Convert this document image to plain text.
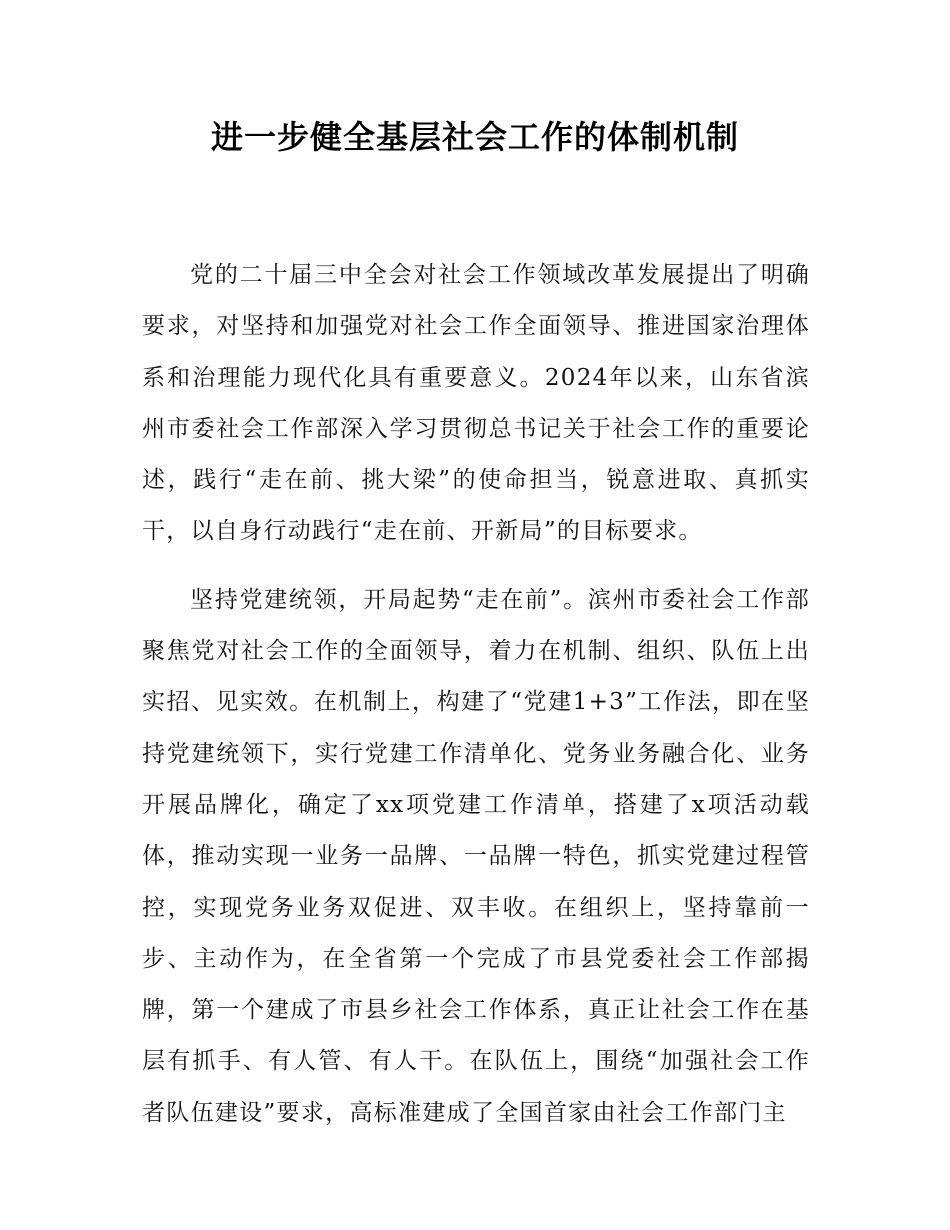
进一步健全基层社会工作的体制机制

党的二十届三中全会对社会工作领域改革发展提出了明确要求，对坚持和加强党对社会工作全面领导、推进国家治理体系和治理能力现代化具有重要意义。2024年以来，山东省滨州市委社会工作部深入学习贯彻总书记关于社会工作的重要论述，践行“走在前、挑大梁”的使命担当，锐意进取、真抓实干，以自身行动践行“走在前、开新局”的目标要求。

坚持党建统领，开局起势“走在前”。滨州市委社会工作部聚焦党对社会工作的全面领导，着力在机制、组织、队伍上出实招、见实效。在机制上，构建了“党建1+3”工作法，即在坚持党建统领下，实行党建工作清单化、党务业务融合化、业务开展品牌化，确定了xx项党建工作清单，搭建了x项活动载体，推动实现一业务一品牌、一品牌一特色，抓实党建过程管控，实现党务业务双促进、双丰收。在组织上，坚持靠前一步、主动作为，在全省第一个完成了市县党委社会工作部揭牌，第一个建成了市县乡社会工作体系，真正让社会工作在基层有抓手、有人管、有人干。在队伍上，围绕“加强社会工作者队伍建设”要求，高标准建成了全国首家由社会工作部门主
